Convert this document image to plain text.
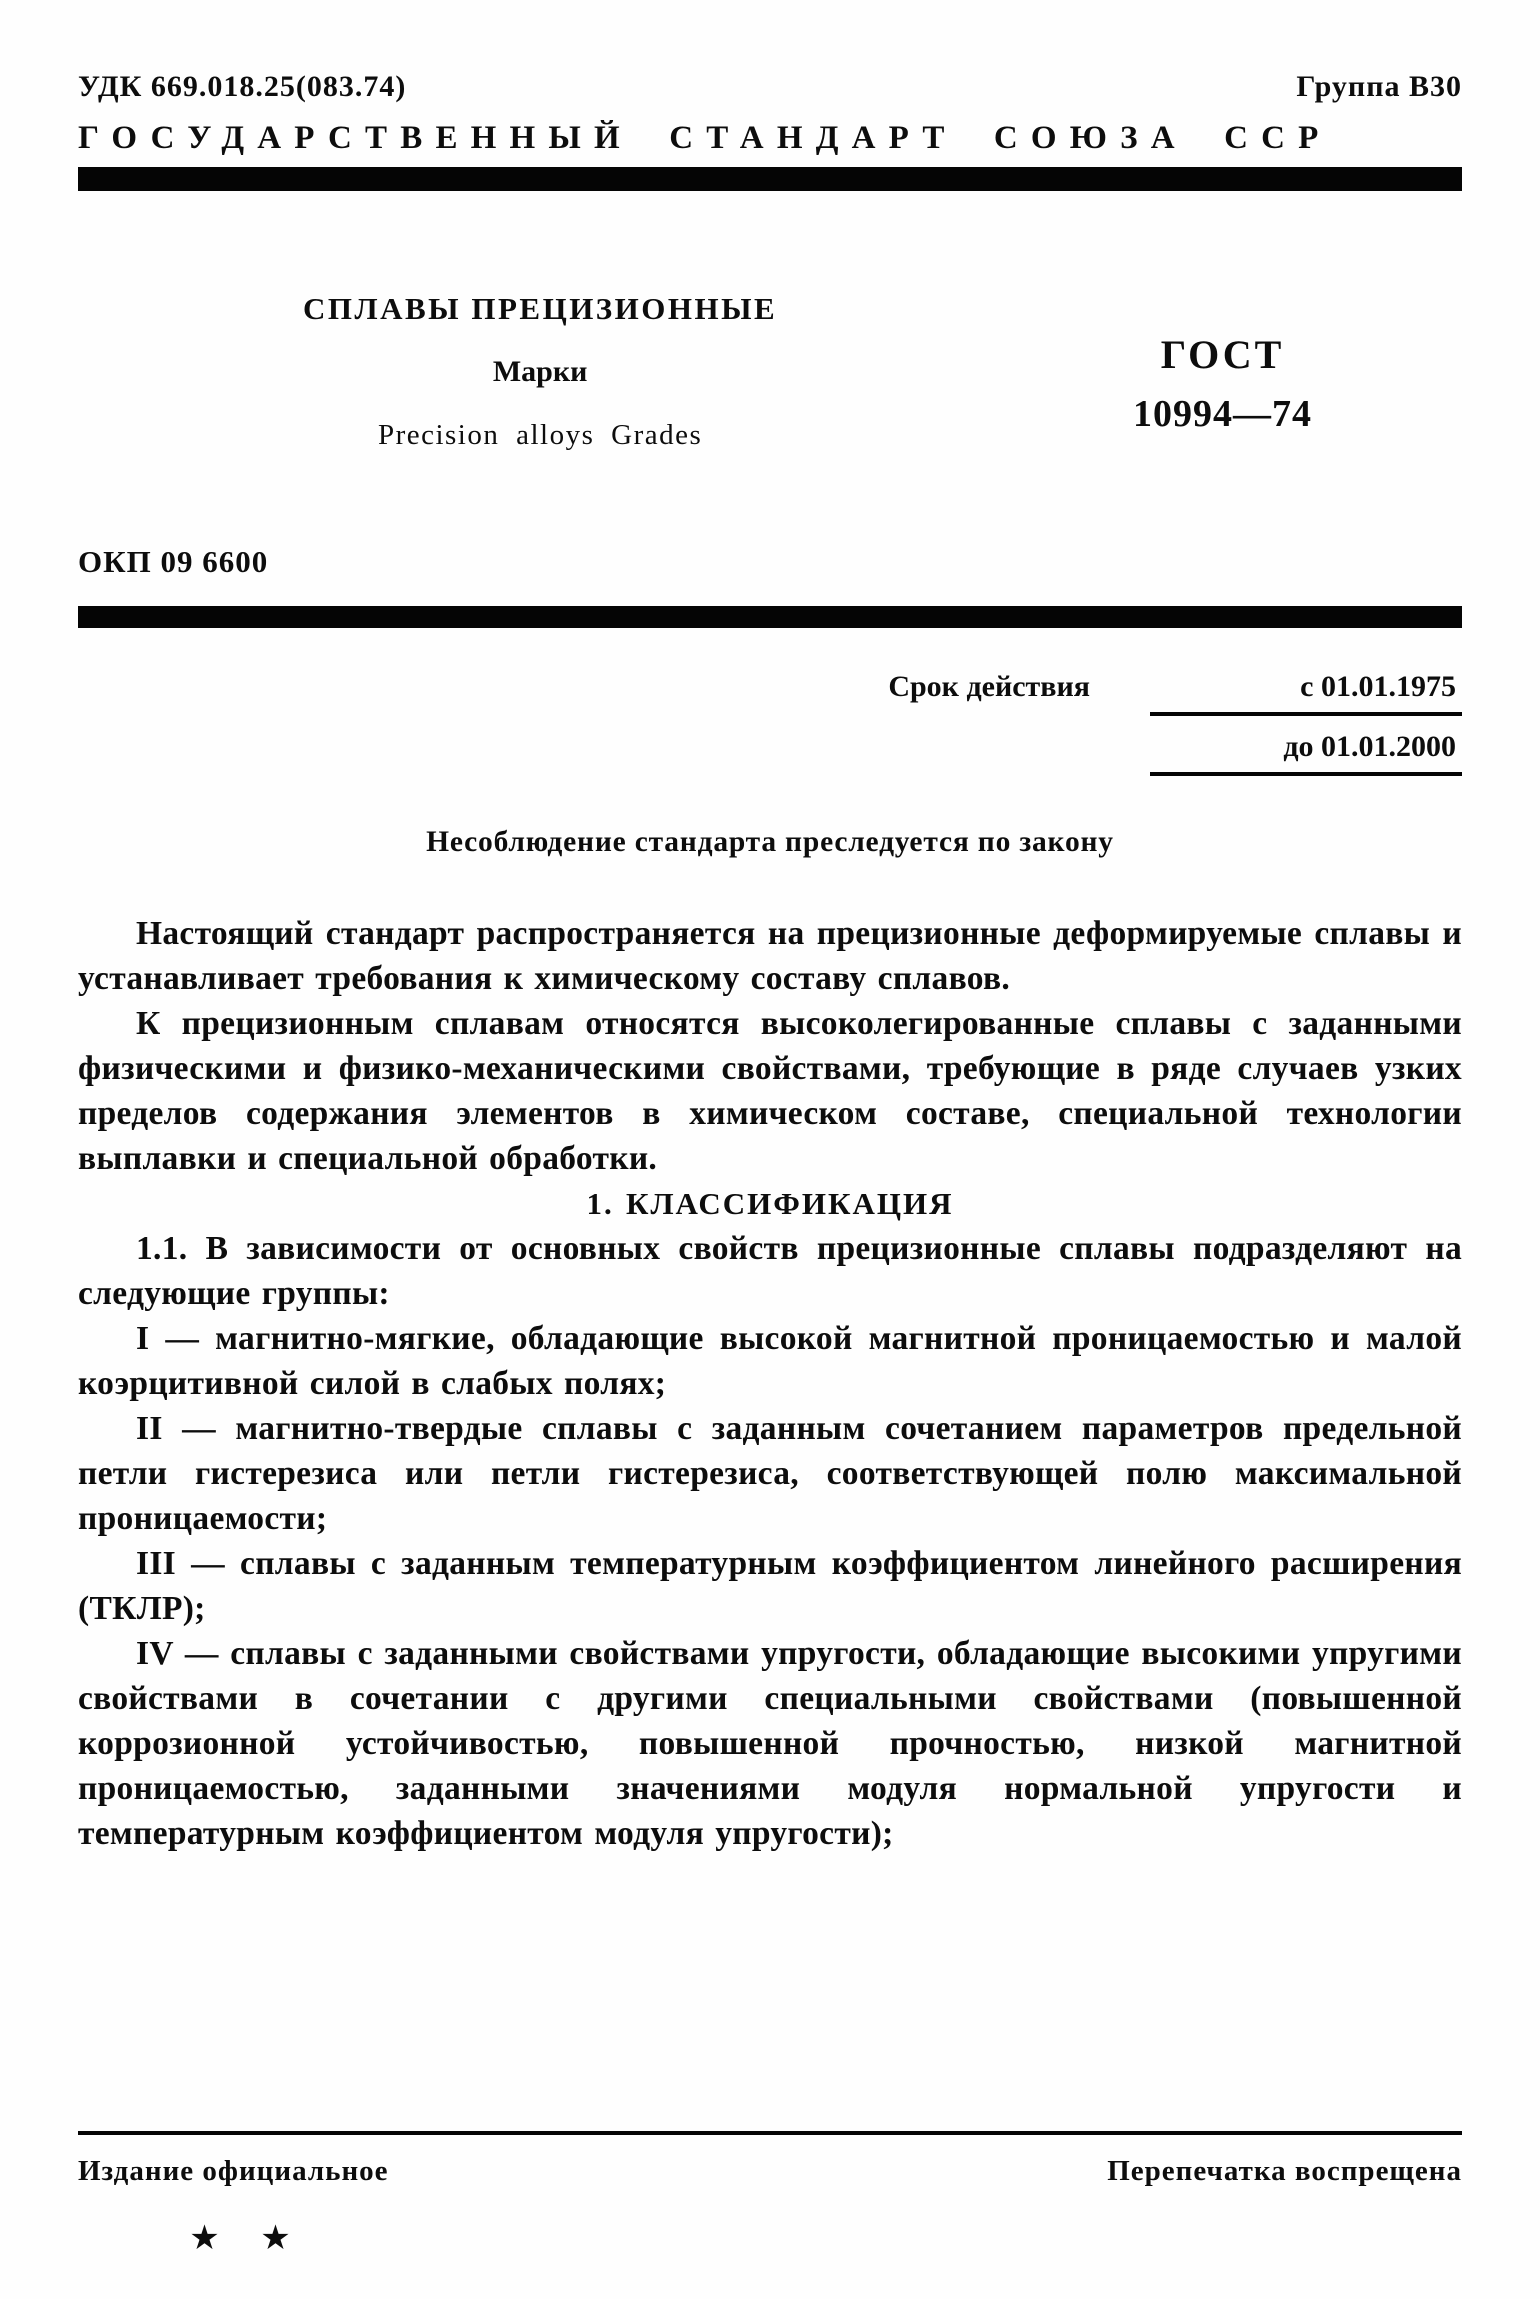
УДК 669.018.25(083.74)	Группа В30
ГОСУДАРСТВЕННЫЙ СТАНДАРТ СОЮЗА ССР
СПЛАВЫ ПРЕЦИЗИОННЫЕ
Марки
Precision alloys Grades
ГОСТ
10994—74
ОКП 09 6600
Срок действия	с 01.01.1975
до 01.01.2000
Несоблюдение стандарта преследуется по закону

Настоящий стандарт распространяется на прецизионные деформируемые сплавы и устанавливает требования к химическому составу сплавов.

К прецизионным сплавам относятся высоколегированные сплавы с заданными физическими и физико-механическими свойствами, требующие в ряде случаев узких пределов содержания элементов в химическом составе, специальной технологии выплавки и специальной обработки.

1. КЛАССИФИКАЦИЯ

1.1. В зависимости от основных свойств прецизионные сплавы подразделяют на следующие группы:

I — магнитно-мягкие, обладающие высокой магнитной проницаемостью и малой коэрцитивной силой в слабых полях;

II — магнитно-твердые сплавы с заданным сочетанием параметров предельной петли гистерезиса или петли гистерезиса, соответствующей полю максимальной проницаемости;

III — сплавы с заданным температурным коэффициентом линейного расширения (ТКЛР);

IV — сплавы с заданными свойствами упругости, обладающие высокими упругими свойствами в сочетании с другими специальными свойствами (повышенной коррозионной устойчивостью, повышенной прочностью, низкой магнитной проницаемостью, заданными значениями модуля нормальной упругости и температурным коэффициентом модуля упругости);

Издание официальное	Перепечатка воспрещена
★ ★
